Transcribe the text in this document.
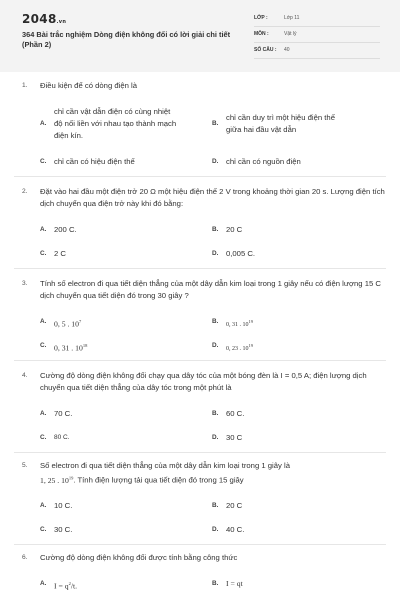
2048.vn
364 Bài trắc nghiệm Dòng điện không đổi có lời giải chi tiết (Phần 2)
LỚP :	Lớp 11
MÔN :	Vật lý
SỐ CÂU : 40
1. Điều kiện để có dòng điện là
A.
chỉ cần vật dẫn điện có cùng nhiệt
độ nối liền với nhau tạo thành mạch
điện kín.
B.
chỉ cần duy trì một hiệu điện thế
giữa hai đầu vật dẫn
C. chỉ cần có hiệu điện thế	D. chỉ cần có nguồn điện
2. Đặt vào hai đầu một điện trở 20 Ω một hiệu điện thế 2 V trong khoảng thời gian 20 s. Lượng điện tích dịch chuyển qua điện trở này khi đó bằng:
A. 200 C.	B. 20 C
C. 2 C	D. 0,005 C.
3. Tính số electron đi qua tiết diện thẳng của một dây dẫn kim loại trong 1 giây nếu có điện lượng 15 C dịch chuyển qua tiết diện đó trong 30 giây ?
A. 0, 5 . $10^7$	B. 0, 31 . $10^{19}$
C. 0, 31 . $10^{18}$	D. 0, 23 . $10^{19}$
4. Cường độ dòng điện không đổi chạy qua dây tóc của một bóng đèn là I = 0,5 A; điện lượng dịch chuyển qua tiết diện thẳng của dây tóc trong một phút là
A. 70 C.	B. 60 C.
C. 80 C.	D. 30 C
5. Số electron đi qua tiết diện thẳng của một dây dẫn kim loại trong 1 giây là
1, 25 . $10^{19}$. Tính điện lượng tải qua tiết diện đó trong 15 giây
A. 10 C.	B. 20 C
C. 30 C.	D. 40 C.
6. Cường độ dòng điện không đổi được tính bằng công thức
A. $I = q^2/t$.	B. I = qt
